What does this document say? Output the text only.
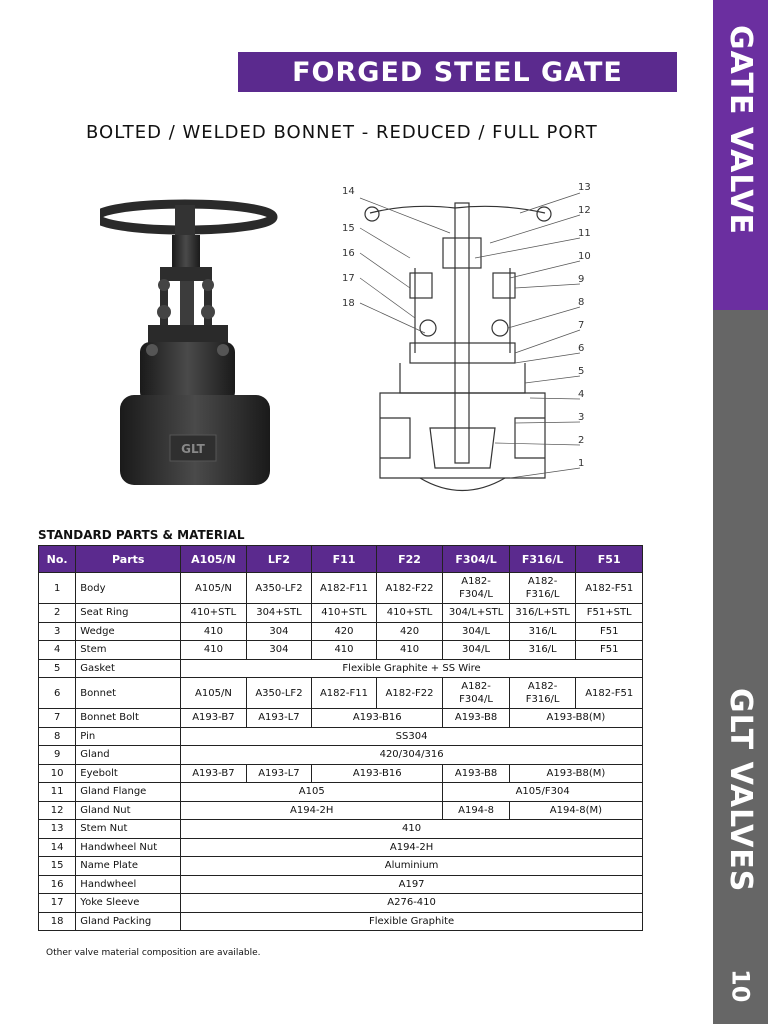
GATE VALVE
GLT VALVES
10
FORGED STEEL GATE
BOLTED / WELDED BONNET - REDUCED / FULL PORT
GLT
14
15
16
17
18
13
12
11
10
9
8
7
6
5
4
3
2
1
STANDARD PARTS & MATERIAL
No.	Parts	A105/N	LF2	F11	F22	F304/L	F316/L	F51
1	Body	A105/N	A350-LF2	A182-F11	A182-F22	A182-
F304/L	A182-
F316/L	A182-F51
2	Seat Ring	410+STL	304+STL	410+STL	410+STL	304/L+STL	316/L+STL	F51+STL
3	Wedge	410	304	420	420	304/L	316/L	F51
4	Stem	410	304	410	410	304/L	316/L	F51
5	Gasket	Flexible Graphite + SS Wire						
6	Bonnet	A105/N	A350-LF2	A182-F11	A182-F22	A182-
F304/L	A182-
F316/L	A182-F51
7	Bonnet Bolt	A193-B7	A193-L7	A193-B16		A193-B8	A193-B8(M)	
8	Pin	SS304						
9	Gland	420/304/316						
10	Eyebolt	A193-B7	A193-L7	A193-B16		A193-B8	A193-B8(M)	
11	Gland Flange	A105				A105/F304		
12	Gland Nut	A194-2H				A194-8	A194-8(M)	
13	Stem Nut	410						
14	Handwheel Nut	A194-2H						
15	Name Plate	Aluminium						
16	Handwheel	A197						
17	Yoke Sleeve	A276-410						
18	Gland Packing	Flexible Graphite						
Other valve material composition are available.
